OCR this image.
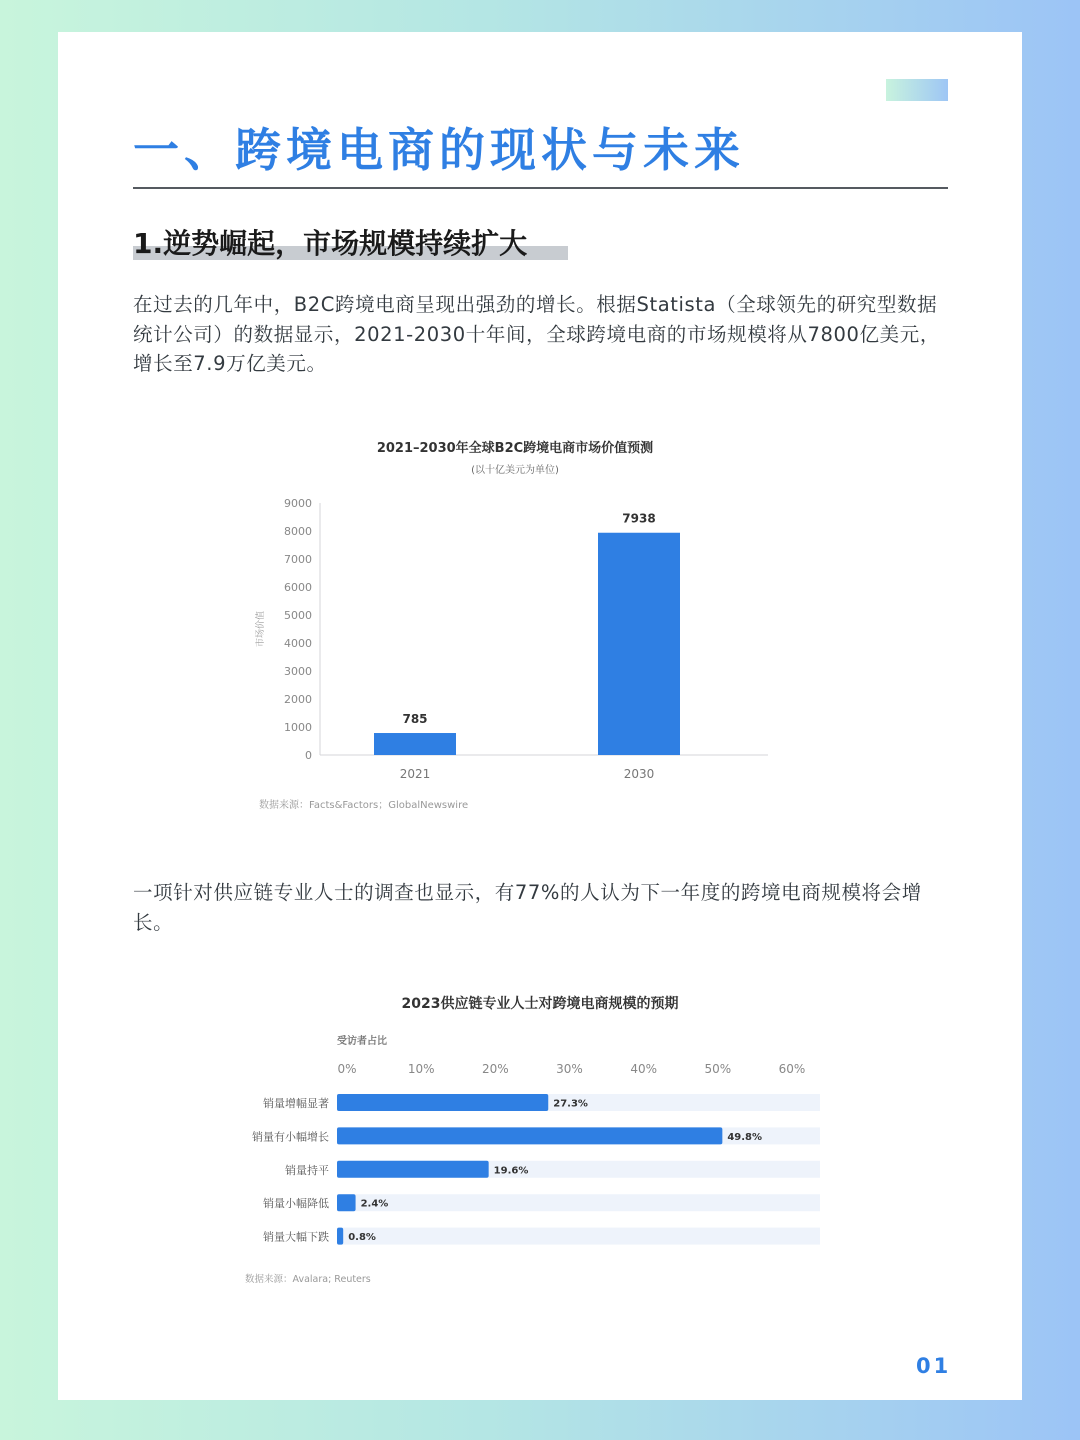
一、跨境电商的现状与未来
1.逆势崛起，市场规模持续扩大

在过去的几年中，B2C跨境电商呈现出强劲的增长。根据Statista（全球领先的研究型数据统计公司）的数据显示，2021-2030十年间，全球跨境电商的市场规模将从7800亿美元，增长至7.9万亿美元。

一项针对供应链专业人士的调查也显示，有77%的人认为下一年度的跨境电商规模将会增长。

01
2021–2030年全球B2C跨境电商市场价值预测
(以十亿美元为单位)
0
1000
2000
3000
4000
5000
6000
7000
8000
9000
市场价值
785
2021
7938
2030
数据来源：Facts&Factors；GlobalNewswire
2023供应链专业人士对跨境电商规模的预期
受访者占比
0%	10%	20%	30%	40%	50%	60%
销量增幅显著	27.3%
销量有小幅增长	49.8%
销量持平	19.6%
销量小幅降低	2.4%
销量大幅下跌 0.8%
数据来源：Avalara; Reuters
